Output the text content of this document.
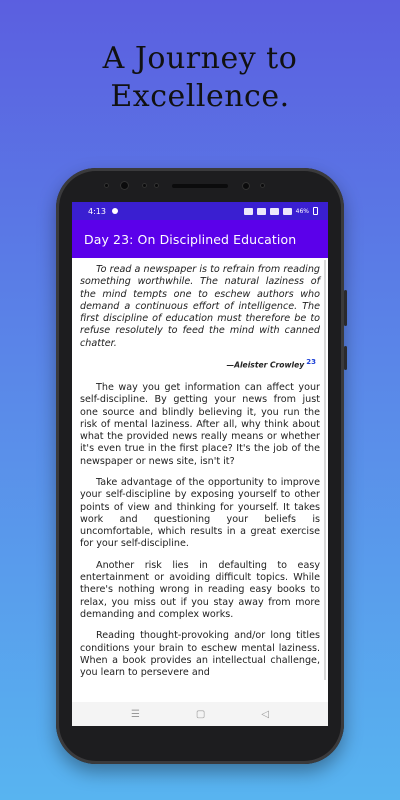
A Journey to
Excellence.
4:13	46%
Day 23: On Disciplined Education

To read a newspaper is to refrain from reading something worthwhile. The natural laziness of the mind tempts one to eschew authors who demand a continuous effort of intelligence. The first discipline of education must therefore be to refuse resolutely to feed the mind with canned chatter.

—Aleister Crowley $^{23}$

The way you get information can affect your self-discipline. By getting your news from just one source and blindly believing it, you run the risk of mental laziness. After all, why think about what the provided news really means or whether it's even true in the first place? It's the job of the newspaper or news site, isn't it?

Take advantage of the opportunity to improve your self-discipline by exposing yourself to other points of view and thinking for yourself. It takes work and questioning your beliefs is uncomfortable, which results in a great exercise for your self-discipline.

Another risk lies in defaulting to easy entertainment or avoiding difficult topics. While there's nothing wrong in reading easy books to relax, you miss out if you stay away from more demanding and complex works.

Reading thought-provoking and/or long titles conditions your brain to eschew mental laziness. When a book provides an intellectual challenge, you learn to persevere and

☰	▢	◁
